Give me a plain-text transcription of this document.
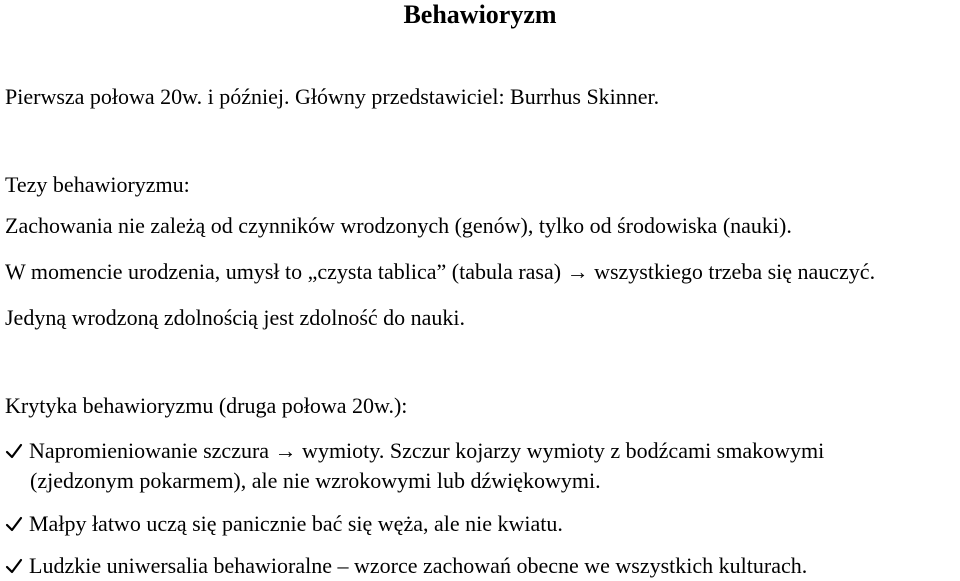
Behawioryzm
Pierwsza połowa 20w. i później. Główny przedstawiciel: Burrhus Skinner.
Tezy behawioryzmu:
Zachowania nie zależą od czynników wrodzonych (genów), tylko od środowiska (nauki).
W momencie urodzenia, umysł to „czysta tablica” (tabula rasa) → wszystkiego trzeba się nauczyć.
Jedyną wrodzoną zdolnością jest zdolność do nauki.
Krytyka behawioryzmu (druga połowa 20w.):
Napromieniowanie szczura → wymioty. Szczur kojarzy wymioty z bodźcami smakowymi
(zjedzonym pokarmem), ale nie wzrokowymi lub dźwiękowymi.
Małpy łatwo uczą się panicznie bać się węża, ale nie kwiatu.
Ludzkie uniwersalia behawioralne – wzorce zachowań obecne we wszystkich kulturach.
